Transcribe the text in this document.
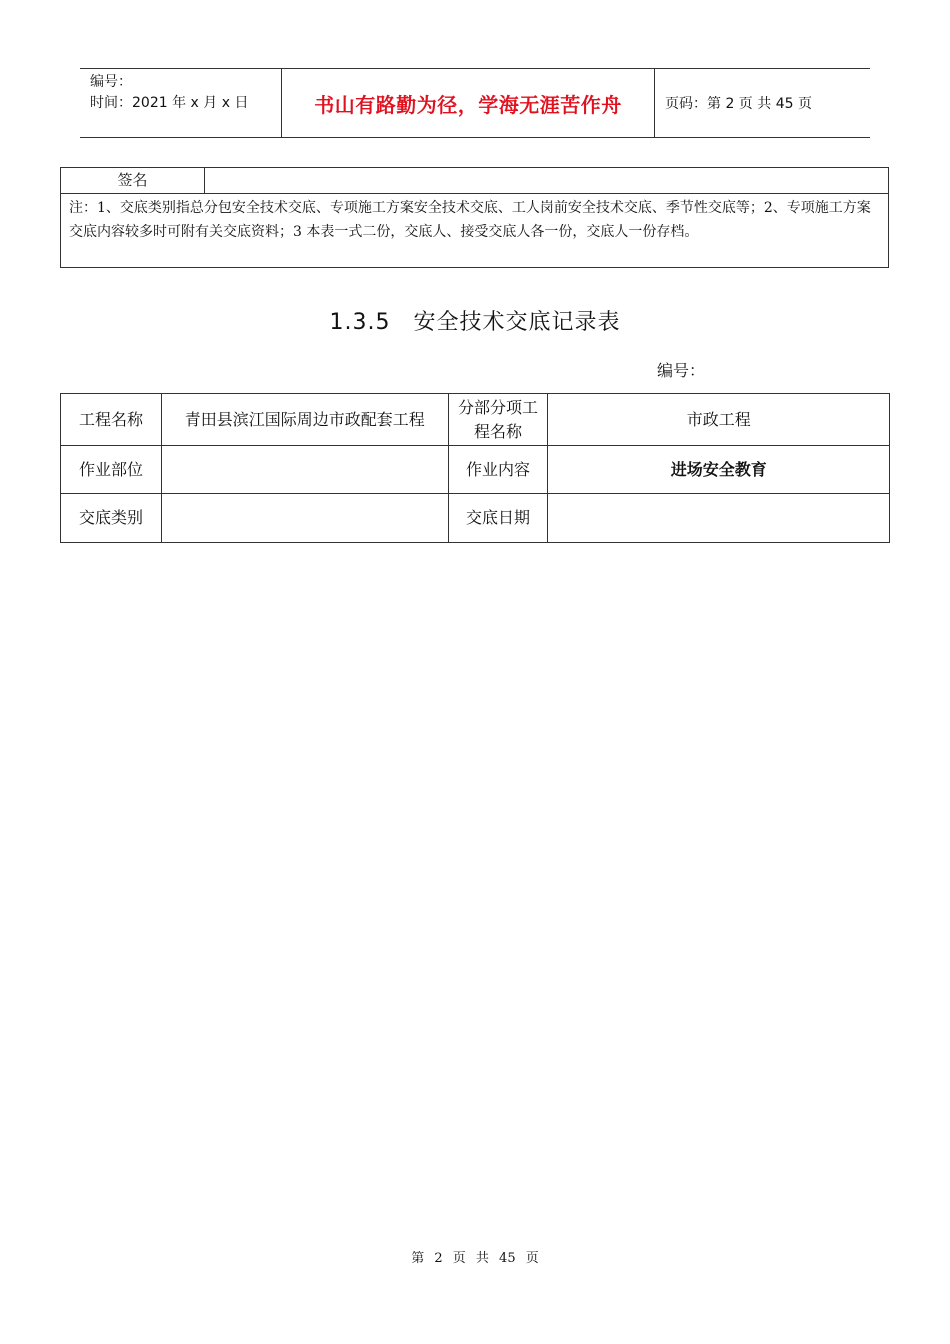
编号：
时间：2021 年 x 月 x 日	书山有路勤为径，学海无涯苦作舟	页码：第 2 页 共 45 页
签名
注：1、交底类别指总分包安全技术交底、专项施工方案安全技术交底、工人岗前安全技术交底、季节性交底等；2、专项施工方案交底内容较多时可附有关交底资料；3 本表一式二份，交底人、接受交底人各一份，交底人一份存档。
1.3.5　安全技术交底记录表
编号：
工程名称	青田县滨江国际周边市政配套工程	分部分项工程名称	市政工程
作业部位		作业内容	进场安全教育
交底类别		交底日期	
第 2 页 共 45 页
